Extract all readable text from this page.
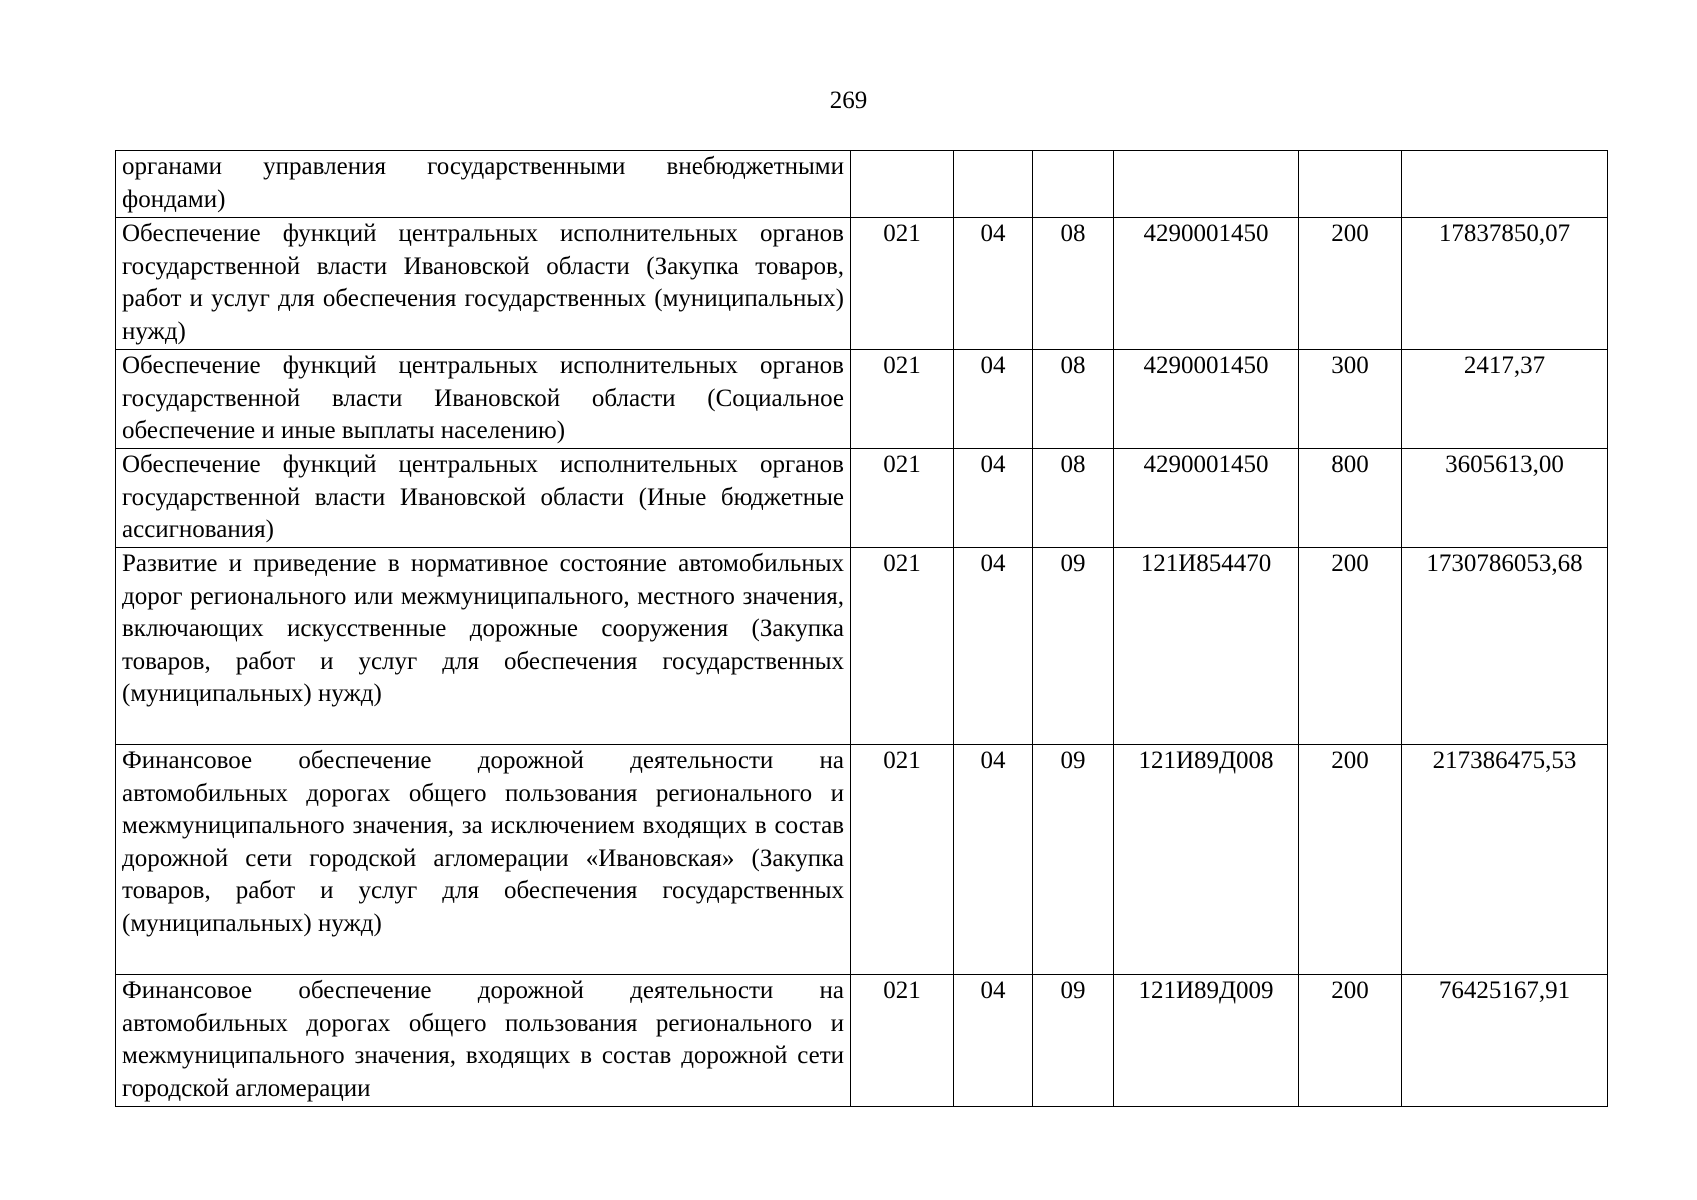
269
органами управления государственными внебюджетными фондами)						

Обеспечение функций центральных исполнительных органов государственной власти Ивановской области (Закупка товаров, работ и услуг для обеспечения государственных (муниципальных) нужд)	021	04	08	4290001450	200	17837850,07

Обеспечение функций центральных исполнительных органов государственной власти Ивановской области (Социальное обеспечение и иные выплаты населению)	021	04	08	4290001450	300	2417,37

Обеспечение функций центральных исполнительных органов государственной власти Ивановской области (Иные бюджетные ассигнования)	021	04	08	4290001450	800	3605613,00

Развитие и приведение в нормативное состояние автомобильных дорог регионального или межмуниципального, местного значения, включающих искусственные дорожные сооружения (Закупка товаров, работ и услуг для обеспечения государственных (муниципальных) нужд)	021	04	09	121И854470	200	1730786053,68

Финансовое обеспечение дорожной деятельности на автомобильных дорогах общего пользования регионального и межмуниципального значения, за исключением входящих в состав дорожной сети городской агломерации «Ивановская» (Закупка товаров, работ и услуг для обеспечения государственных (муниципальных) нужд)	021	04	09	121И89Д008	200	217386475,53

Финансовое обеспечение дорожной деятельности на автомобильных дорогах общего пользования регионального и межмуниципального значения, входящих в состав дорожной сети городской агломерации	021	04	09	121И89Д009	200	76425167,91
